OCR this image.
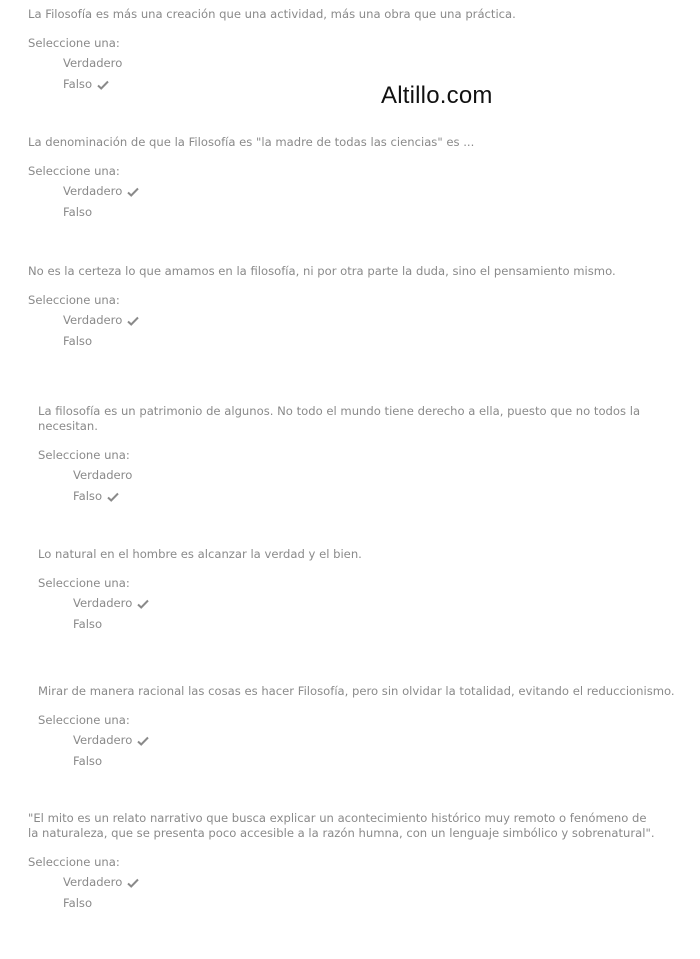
Altillo.com

La Filosofía es más una creación que una actividad, más una obra que una práctica.

Seleccione una:

Verdadero
Falso

La denominación de que la Filosofía es "la madre de todas las ciencias" es ...

Seleccione una:

Verdadero
Falso

No es la certeza lo que amamos en la filosofía, ni por otra parte la duda, sino el pensamiento mismo.

Seleccione una:

Verdadero
Falso

La filosofía es un patrimonio de algunos. No todo el mundo tiene derecho a ella, puesto que no todos la necesitan.

Seleccione una:

Verdadero
Falso

Lo natural en el hombre es alcanzar la verdad y el bien.

Seleccione una:

Verdadero
Falso

Mirar de manera racional las cosas es hacer Filosofía, pero sin olvidar la totalidad, evitando el reduccionismo.

Seleccione una:

Verdadero
Falso

"El mito es un relato narrativo que busca explicar un acontecimiento histórico muy remoto o fenómeno de la naturaleza, que se presenta poco accesible a la razón humna, con un lenguaje simbólico y sobrenatural".

Seleccione una:

Verdadero
Falso
